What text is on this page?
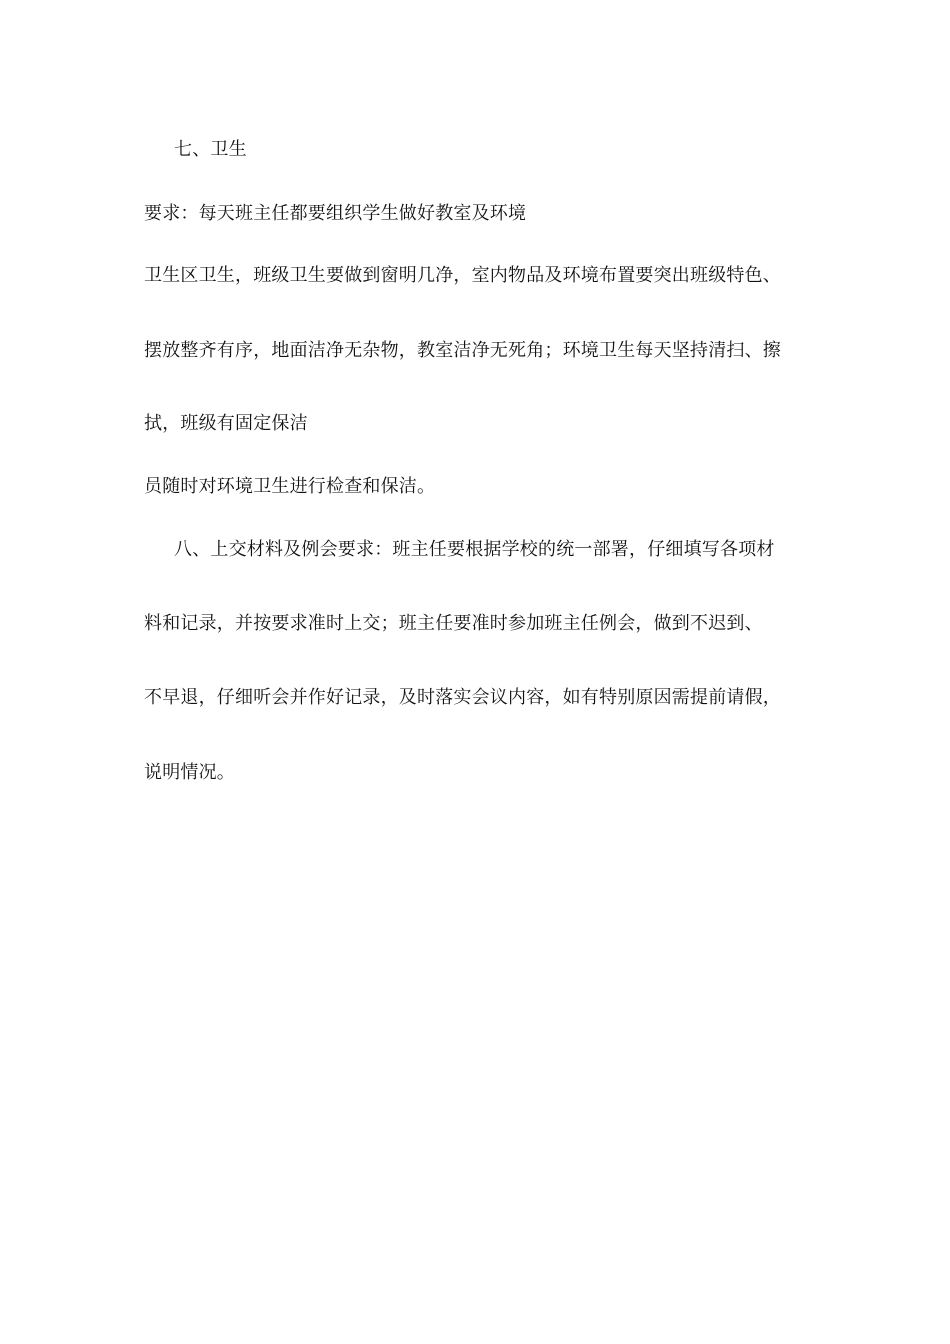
七、卫生
要求：每天班主任都要组织学生做好教室及环境
卫生区卫生，班级卫生要做到窗明几净，室内物品及环境布置要突出班级特色、
摆放整齐有序，地面洁净无杂物，教室洁净无死角；环境卫生每天坚持清扫、擦
拭，班级有固定保洁
员随时对环境卫生进行检查和保洁。
八、上交材料及例会要求：班主任要根据学校的统一部署，仔细填写各项材
料和记录，并按要求准时上交；班主任要准时参加班主任例会，做到不迟到、
不早退，仔细听会并作好记录，及时落实会议内容，如有特别原因需提前请假，
说明情况。
